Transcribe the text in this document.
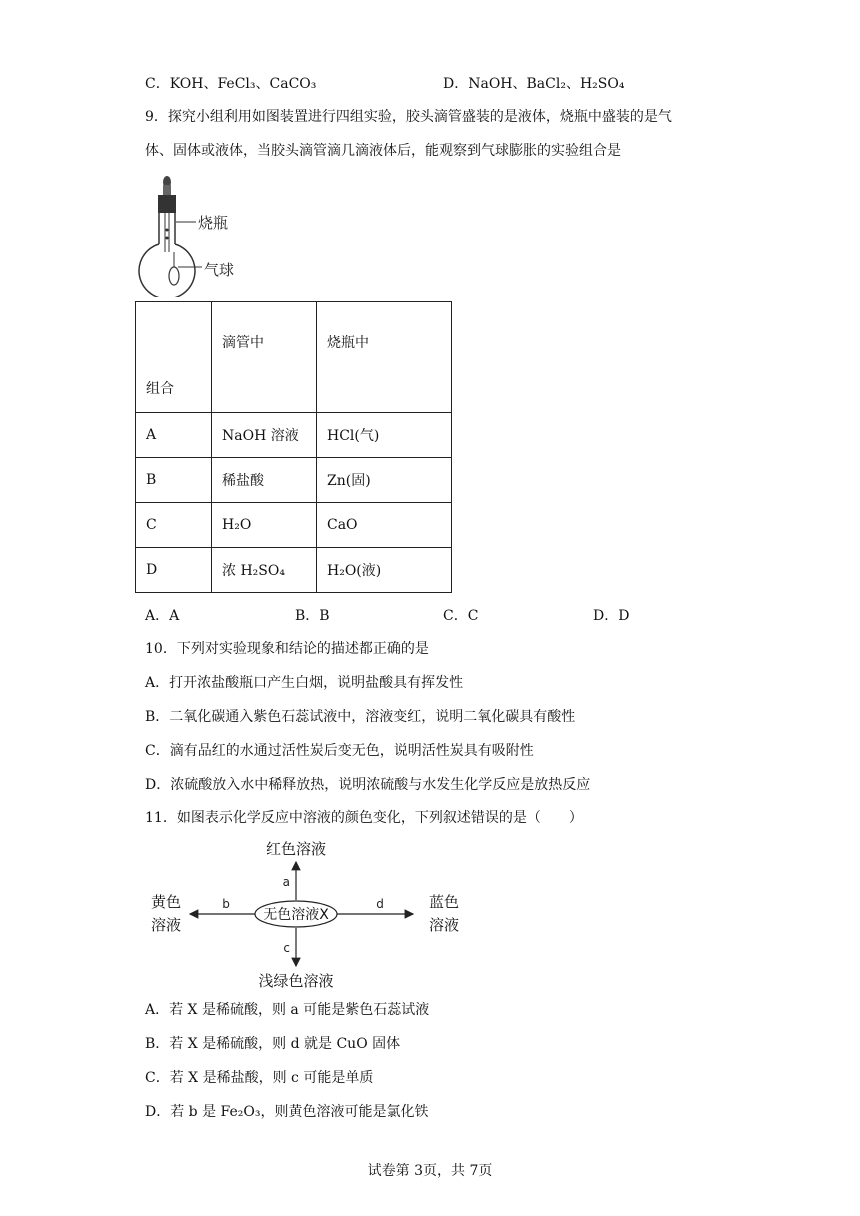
C．KOH、FeCl₃、CaCO₃	D．NaOH、BaCl₂、H₂SO₄
9．探究小组利用如图装置进行四组实验，胶头滴管盛装的是液体，烧瓶中盛装的是气
体、固体或液体，当胶头滴管滴几滴液体后，能观察到气球膨胀的实验组合是
烧瓶
气球
组合	滴管中	烧瓶中
A	NaOH 溶液	HCl(气)
B	稀盐酸	Zn(固)
C	H₂O	CaO
D	浓 H₂SO₄	H₂O(液)
A．A	B．B	C．C	D．D
10．下列对实验现象和结论的描述都正确的是
A．打开浓盐酸瓶口产生白烟，说明盐酸具有挥发性
B．二氧化碳通入紫色石蕊试液中，溶液变红，说明二氧化碳具有酸性
C．滴有品红的水通过活性炭后变无色，说明活性炭具有吸附性
D．浓硫酸放入水中稀释放热，说明浓硫酸与水发生化学反应是放热反应
11．如图表示化学反应中溶液的颜色变化，下列叙述错误的是（　　）
无色溶液X
a
红色溶液
c
浅绿色溶液
b
黄色
溶液
d	蓝色
溶液
A．若 X 是稀硫酸，则 a 可能是紫色石蕊试液
B．若 X 是稀硫酸，则 d 就是 CuO 固体
C．若 X 是稀盐酸，则 c 可能是单质
D．若 b 是 Fe₂O₃，则黄色溶液可能是氯化铁
试卷第 3页，共 7页
